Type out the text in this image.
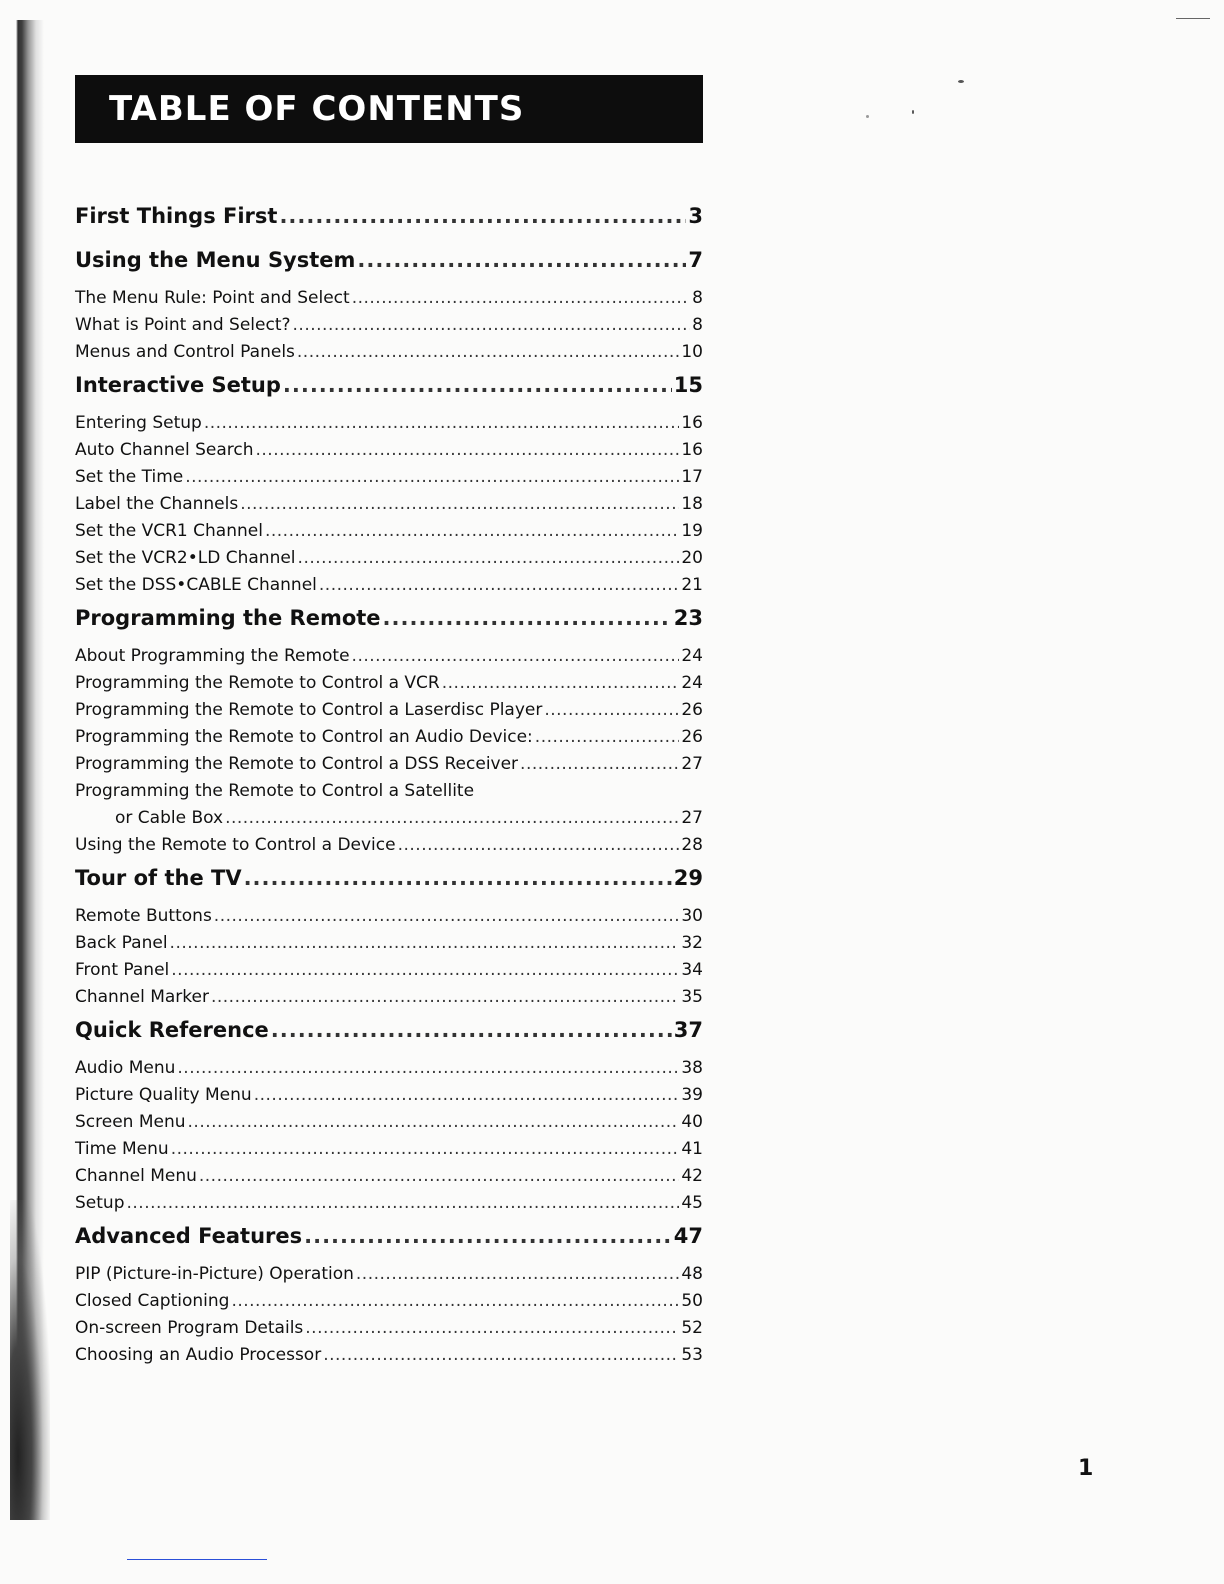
TABLE OF CONTENTS
First Things First .....	3
Using the Menu System .....	7
The Menu Rule: Point and Select .....	8
What is Point and Select? .....	8
Menus and Control Panels .....	10
Interactive Setup .....	15
Entering Setup .....	16
Auto Channel Search .....	16
Set the Time .....	17
Label the Channels .....	18
Set the VCR1 Channel .....	19
Set the VCR2•LD Channel .....	20
Set the DSS•CABLE Channel .....	21
Programming the Remote .....	23
About Programming the Remote .....	24
Programming the Remote to Control a VCR .....	24
Programming the Remote to Control a Laserdisc Player .....	26
Programming the Remote to Control an Audio Device: .....	26
Programming the Remote to Control a DSS Receiver .....	27
Programming the Remote to Control a Satellite
or Cable Box .....	27
Using the Remote to Control a Device .....	28
Tour of the TV .....	29
Remote Buttons .....	30
Back Panel .....	32
Front Panel .....	34
Channel Marker .....	35
Quick Reference .....	37
Audio Menu .....	38
Picture Quality Menu .....	39
Screen Menu .....	40
Time Menu .....	41
Channel Menu .....	42
Setup .....	45
Advanced Features .....	47
PIP (Picture-in-Picture) Operation .....	48
Closed Captioning .....	50
On-screen Program Details .....	52
Choosing an Audio Processor .....	53
1
